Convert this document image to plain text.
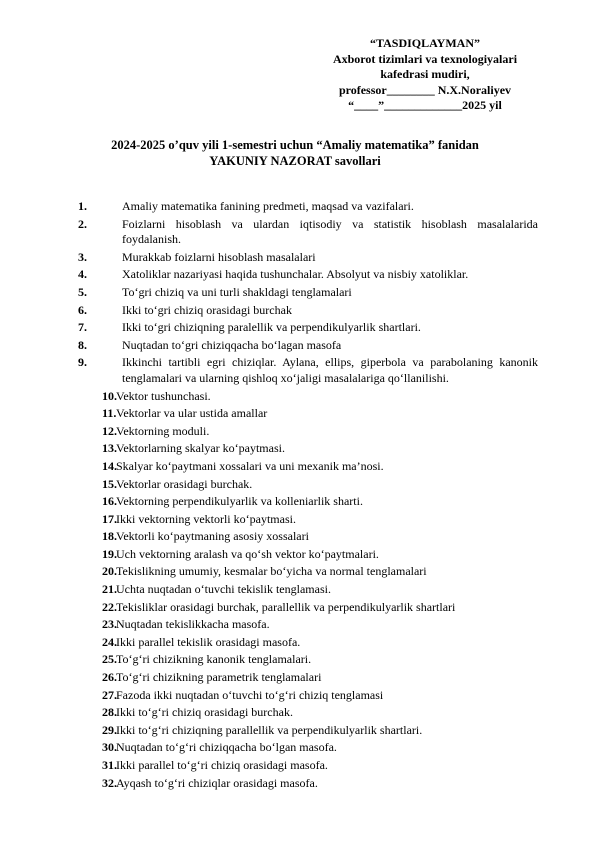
“TASDIQLAYMAN”
Axborot tizimlari va texnologiyalari
kafedrasi mudiri,
professor________ N.X.Noraliyev
“____”_____________2025 yil
2024-2025 o’quv yili 1-semestri uchun “Amaliy matematika” fanidan
YAKUNIY NAZORAT savollari
1.	Amaliy matematika fanining predmeti, maqsad va vazifalari.
2.	Foizlarni hisoblash va ulardan iqtisodiy va statistik hisoblash masalalarida foydalanish.
3.	Murakkab foizlarni hisoblash masalalari
4.	Xatoliklar nazariyasi haqida tushunchalar. Absolyut va nisbiy xatoliklar.
5.	To‘gri chiziq va uni turli shakldagi tenglamalari
6.	Ikki to‘gri chiziq orasidagi burchak
7.	Ikki to‘gri chiziqning paralellik va perpendikulyarlik shartlari.
8.	Nuqtadan to‘gri chiziqqacha bo‘lagan masofa
9.	Ikkinchi tartibli egri chiziqlar. Aylana, ellips, giperbola va parabolaning kanonik tenglamalari va ularning qishloq xo‘jaligi masalalariga qo‘llanilishi.
10. Vektor tushunchasi.
11. Vektorlar va ular ustida amallar
12. Vektorning moduli.
13. Vektorlarning skalyar ko‘paytmasi.
14. Skalyar ko‘paytmani xossalari va uni mexanik ma’nosi.
15. Vektorlar orasidagi burchak.
16. Vektorning perpendikulyarlik va kolleniarlik sharti.
17. Ikki vektorning vektorli ko‘paytmasi.
18. Vektorli ko‘paytmaning asosiy xossalari
19. Uch vektorning aralash va qo‘sh vektor ko‘paytmalari.
20. Tekislikning umumiy, kesmalar bo‘yicha va normal tenglamalari
21. Uchta nuqtadan o‘tuvchi tekislik tenglamasi.
22. Tekisliklar orasidagi burchak, parallellik va perpendikulyarlik shartlari
23. Nuqtadan tekislikkacha masofa.
24. Ikki parallel tekislik orasidagi masofa.
25. To‘g‘ri chizikning kanonik tenglamalari.
26. To‘g‘ri chizikning parametrik tenglamalari
27. Fazoda ikki nuqtadan o‘tuvchi to‘g‘ri chiziq tenglamasi
28. Ikki to‘g‘ri chiziq orasidagi burchak.
29. Ikki to‘g‘ri chiziqning parallellik va perpendikulyarlik shartlari.
30. Nuqtadan to‘g‘ri chiziqqacha bo‘lgan masofa.
31. Ikki parallel to‘g‘ri chiziq orasidagi masofa.
32. Ayqash to‘g‘ri chiziqlar orasidagi masofa.
